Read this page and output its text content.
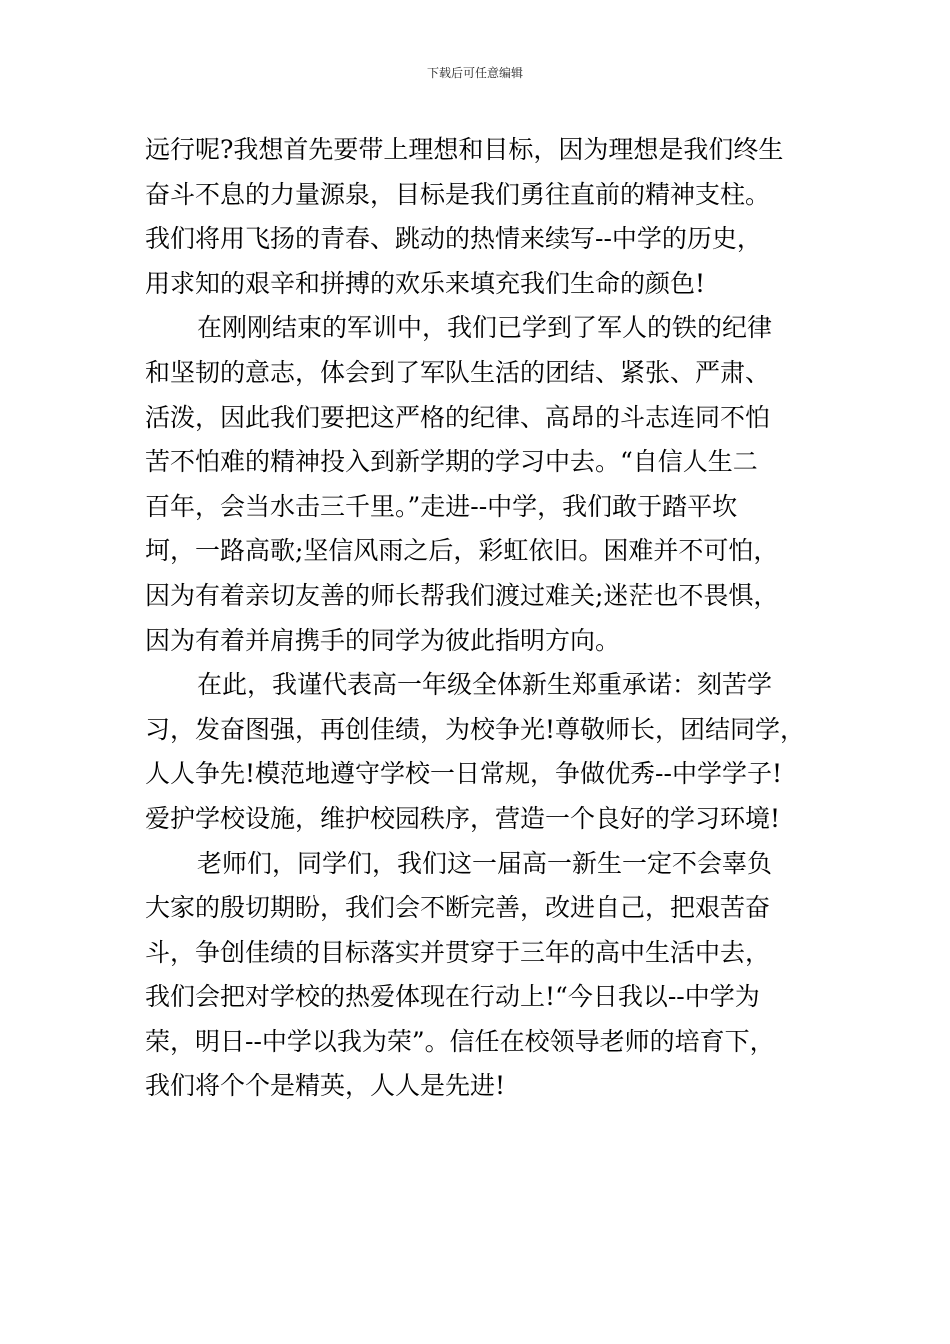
下载后可任意编辑

远行呢?我想首先要带上理想和目标，因为理想是我们终生
奋斗不息的力量源泉，目标是我们勇往直前的精神支柱。
我们将用飞扬的青春、跳动的热情来续写--中学的历史，
用求知的艰辛和拼搏的欢乐来填充我们生命的颜色!

在刚刚结束的军训中，我们已学到了军人的铁的纪律
和坚韧的意志，体会到了军队生活的团结、紧张、严肃、
活泼，因此我们要把这严格的纪律、高昂的斗志连同不怕
苦不怕难的精神投入到新学期的学习中去。“自信人生二
百年，会当水击三千里。”走进--中学，我们敢于踏平坎
坷，一路高歌;坚信风雨之后，彩虹依旧。困难并不可怕，
因为有着亲切友善的师长帮我们渡过难关;迷茫也不畏惧，
因为有着并肩携手的同学为彼此指明方向。

在此，我谨代表高一年级全体新生郑重承诺：刻苦学
习，发奋图强，再创佳绩，为校争光!尊敬师长，团结同学，
人人争先!模范地遵守学校一日常规，争做优秀--中学学子!
爱护学校设施，维护校园秩序，营造一个良好的学习环境!

老师们，同学们，我们这一届高一新生一定不会辜负
大家的殷切期盼，我们会不断完善，改进自己，把艰苦奋
斗，争创佳绩的目标落实并贯穿于三年的高中生活中去，
我们会把对学校的热爱体现在行动上!“今日我以--中学为
荣，明日--中学以我为荣”。信任在校领导老师的培育下，
我们将个个是精英，人人是先进!
